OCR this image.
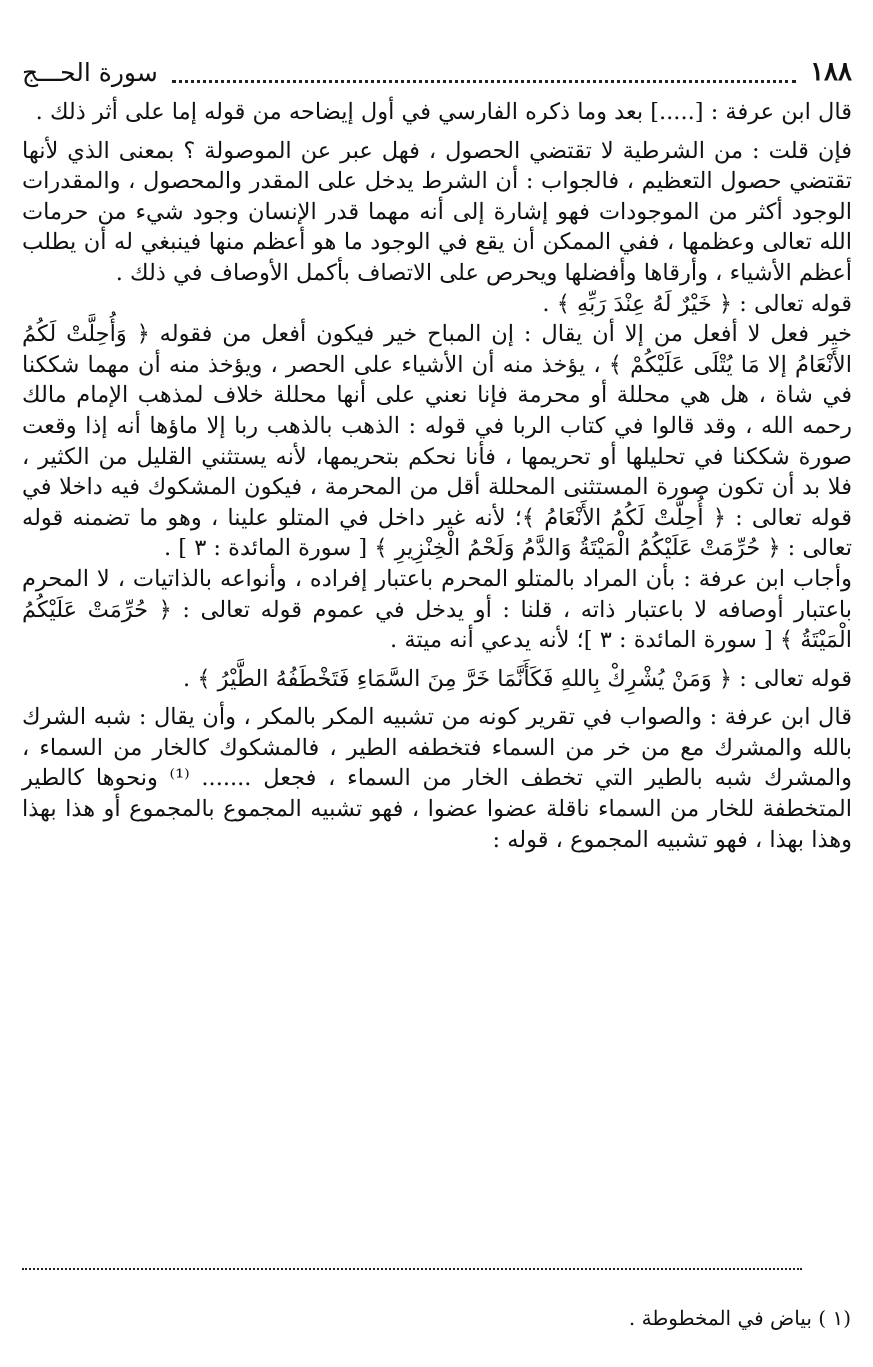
١٨٨
سورة الحـــج

قال ابن عرفة : [.....] بعد وما ذكره الفارسي في أول إيضاحه من قوله إما على أثر ذلك .

فإن قلت : من الشرطية لا تقتضي الحصول ، فهل عبر عن الموصولة ؟ بمعنى الذي لأنها تقتضي حصول التعظيم ، فالجواب : أن الشرط يدخل على المقدر والمحصول ، والمقدرات الوجود أكثر من الموجودات فهو إشارة إلى أنه مهما قدر الإنسان وجود شيء من حرمات الله تعالى وعظمها ، ففي الممكن أن يقع في الوجود ما هو أعظم منها فينبغي له أن يطلب أعظم الأشياء ، وأرقاها وأفضلها ويحرص على الاتصاف بأكمل الأوصاف في ذلك .

قوله تعالى : ﴿ خَيْرٌ لَهُ عِنْدَ رَبِّهِ ﴾ .

خير فعل لا أفعل من إلا أن يقال : إن المباح خير فيكون أفعل من فقوله ﴿ وَأُحِلَّتْ لَكُمُ الأَنْعَامُ إلا مَا يُتْلَى عَلَيْكُمْ ﴾ ، يؤخذ منه أن الأشياء على الحصر ، ويؤخذ منه أن مهما شككنا في شاة ، هل هي محللة أو محرمة فإنا نعني على أنها محللة خلاف لمذهب الإمام مالك رحمه الله ، وقد قالوا في كتاب الربا في قوله : الذهب بالذهب ربا إلا ماؤها أنه إذا وقعت صورة شككنا في تحليلها أو تحريمها ، فأنا نحكم بتحريمها، لأنه يستثني القليل من الكثير ، فلا بد أن تكون صورة المستثنى المحللة أقل من المحرمة ، فيكون المشكوك فيه داخلا في قوله تعالى : ﴿ أُحِلَّتْ لَكُمُ الأَنْعَامُ ﴾؛ لأنه غير داخل في المتلو علينا ، وهو ما تضمنه قوله تعالى : ﴿ حُرِّمَتْ عَلَيْكُمُ الْمَيْتَةُ وَالدَّمُ وَلَحْمُ الْخِنْزِيرِ ﴾ [ سورة المائدة : ٣ ] .

وأجاب ابن عرفة : بأن المراد بالمتلو المحرم باعتبار إفراده ، وأنواعه بالذاتيات ، لا المحرم باعتبار أوصافه لا باعتبار ذاته ، قلنا : أو يدخل في عموم قوله تعالى : ﴿ حُرِّمَتْ عَلَيْكُمُ الْمَيْتَةُ ﴾ [ سورة المائدة : ٣ ]؛ لأنه يدعي أنه ميتة .

قوله تعالى : ﴿ وَمَنْ يُشْرِكْ بِاللهِ فَكَأَنَّمَا خَرَّ مِنَ السَّمَاءِ فَتَخْطَفُهُ الطَّيْرُ ﴾ .

قال ابن عرفة : والصواب في تقرير كونه من تشبيه المكر بالمكر ، وأن يقال : شبه الشرك بالله والمشرك مع من خر من السماء فتخطفه الطير ، فالمشكوك كالخار من السماء ، والمشرك شبه بالطير التي تخطف الخار من السماء ، فجعل ....... ⁽¹⁾ ونحوها كالطير المتخطفة للخار من السماء ناقلة عضوا عضوا ، فهو تشبيه المجموع بالمجموع أو هذا بهذا وهذا بهذا ، فهو تشبيه المجموع ، قوله :

(١ ) بياض في المخطوطة .
